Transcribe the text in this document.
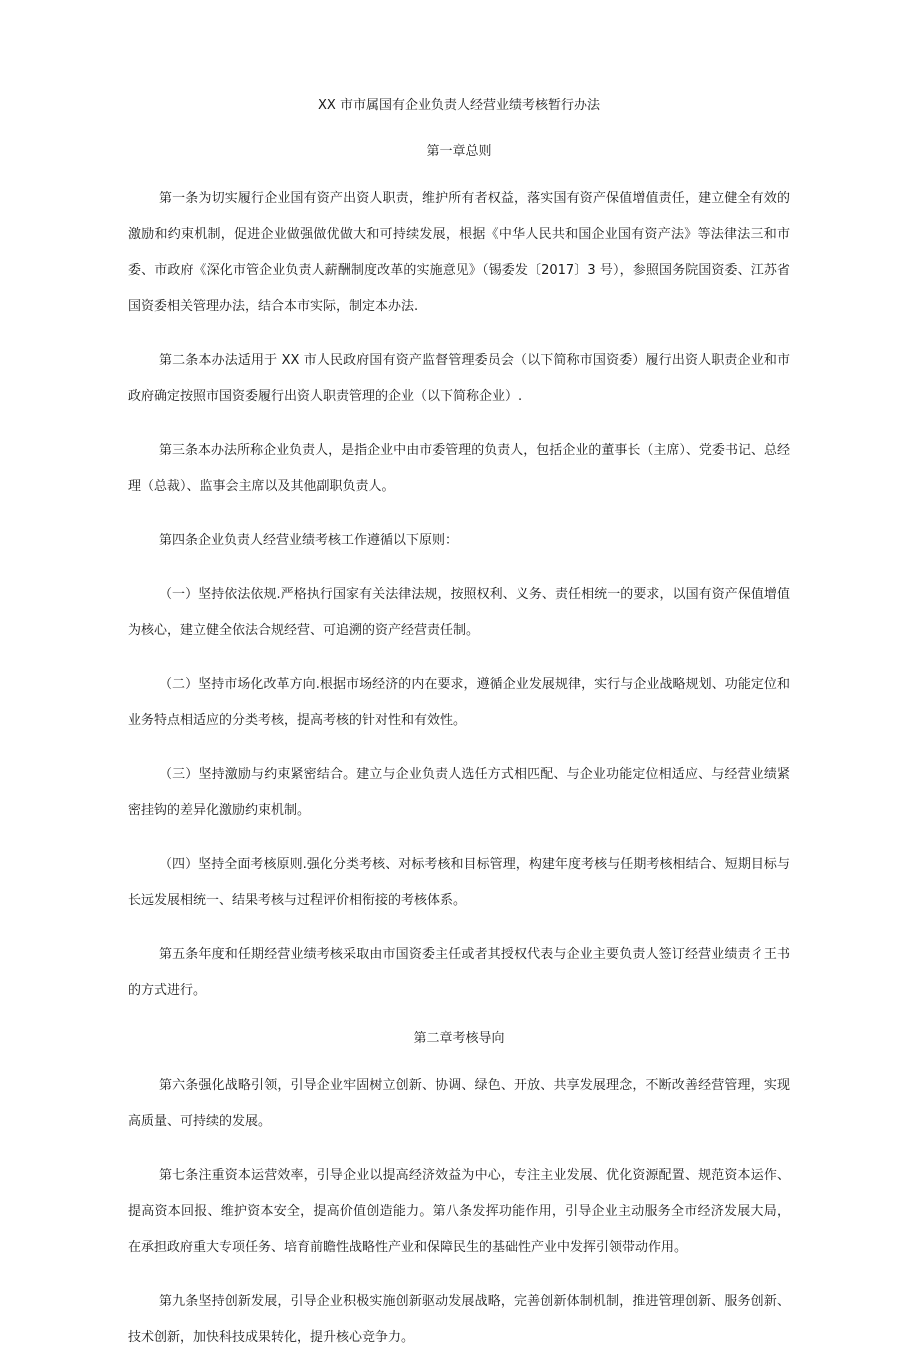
XX 市市属国有企业负责人经营业绩考核暂行办法

第一章总则

第一条为切实履行企业国有资产出资人职责，维护所有者权益，落实国有资产保值增值责任，建立健全有效的激励和约束机制，促进企业做强做优做大和可持续发展，根据《中华人民共和国企业国有资产法》等法律法三和市委、市政府《深化市管企业负责人薪酬制度改革的实施意见》（锡委发〔2017〕3 号），参照国务院国资委、江苏省国资委相关管理办法，结合本市实际，制定本办法.

第二条本办法适用于 XX 市人民政府国有资产监督管理委员会（以下简称市国资委）履行出资人职责企业和市政府确定按照市国资委履行出资人职责管理的企业（以下简称企业）.

第三条本办法所称企业负责人，是指企业中由市委管理的负责人，包括企业的董事长（主席）、党委书记、总经理（总裁）、监事会主席以及其他副职负责人。

第四条企业负责人经营业绩考核工作遵循以下原则：

（一）坚持依法依规.严格执行国家有关法律法规，按照权利、义务、责任相统一的要求，以国有资产保值增值为核心，建立健全依法合规经营、可追溯的资产经营责任制。

（二）坚持市场化改革方向.根据市场经济的内在要求，遵循企业发展规律，实行与企业战略规划、功能定位和业务特点相适应的分类考核，提高考核的针对性和有效性。

（三）坚持激励与约束紧密结合。建立与企业负责人选任方式相匹配、与企业功能定位相适应、与经营业绩紧密挂钩的差异化激励约束机制。

（四）坚持全面考核原则.强化分类考核、对标考核和目标管理，构建年度考核与任期考核相结合、短期目标与长远发展相统一、结果考核与过程评价相衔接的考核体系。

第五条年度和任期经营业绩考核采取由市国资委主任或者其授权代表与企业主要负责人签订经营业绩责彳王书的方式进行。

第二章考核导向

第六条强化战略引领，引导企业牢固树立创新、协调、绿色、开放、共享发展理念，不断改善经营管理，实现高质量、可持续的发展。

第七条注重资本运营效率，引导企业以提高经济效益为中心，专注主业发展、优化资源配置、规范资本运作、提高资本回报、维护资本安全，提高价值创造能力。第八条发挥功能作用，引导企业主动服务全市经济发展大局，在承担政府重大专项任务、培育前瞻性战略性产业和保障民生的基础性产业中发挥引领带动作用。

第九条坚持创新发展，引导企业积极实施创新驱动发展战略，完善创新体制机制，推进管理创新、服务创新、技术创新，加快科技成果转化，提升核心竞争力。
